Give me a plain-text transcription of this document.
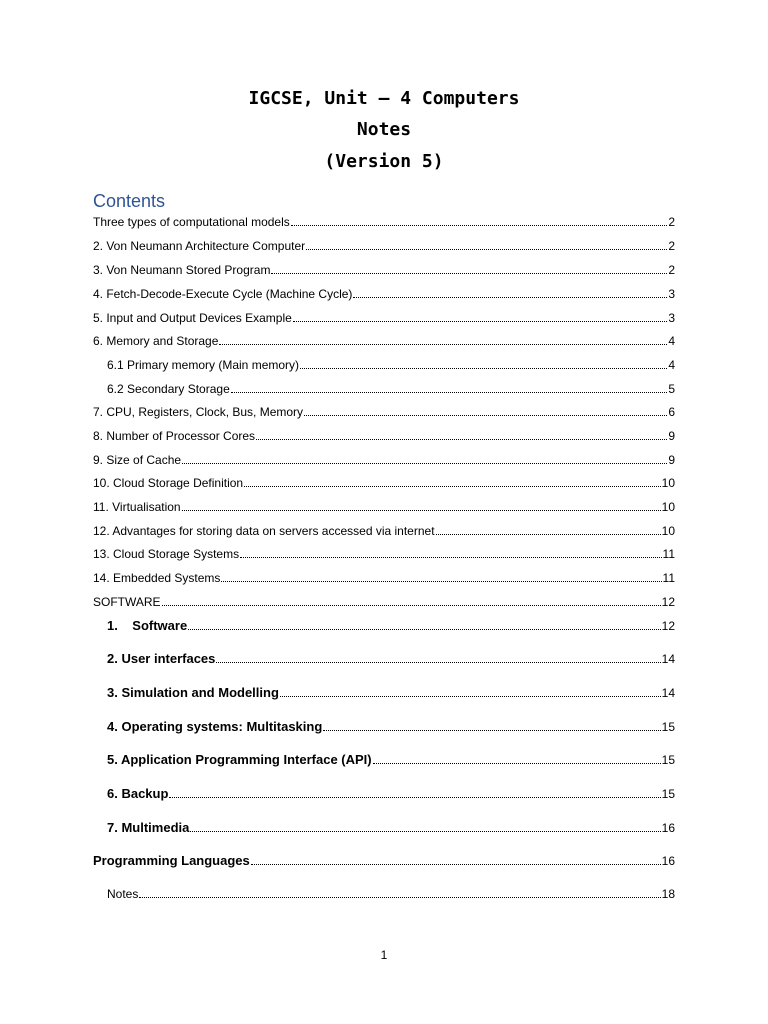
IGCSE, Unit – 4 Computers
Notes
(Version 5)
Contents
Three types of computational models	2
2. Von Neumann Architecture Computer	2
3. Von Neumann Stored Program	2
4. Fetch-Decode-Execute Cycle (Machine Cycle)	3
5. Input and Output Devices Example	3
6. Memory and Storage	4
6.1 Primary memory (Main memory)	4
6.2 Secondary Storage	5
7. CPU, Registers, Clock, Bus, Memory	6
8. Number of Processor Cores	9
9. Size of Cache	9
10. Cloud Storage Definition	10
11. Virtualisation	10
12. Advantages for storing data on servers accessed via internet	10
13. Cloud Storage Systems	11
14. Embedded Systems	11
SOFTWARE	12
1.    Software	12
2. User interfaces	14
3. Simulation and Modelling	14
4. Operating systems: Multitasking	15
5. Application Programming Interface (API)	15
6. Backup	15
7. Multimedia	16
Programming Languages	16
Notes	18
1
